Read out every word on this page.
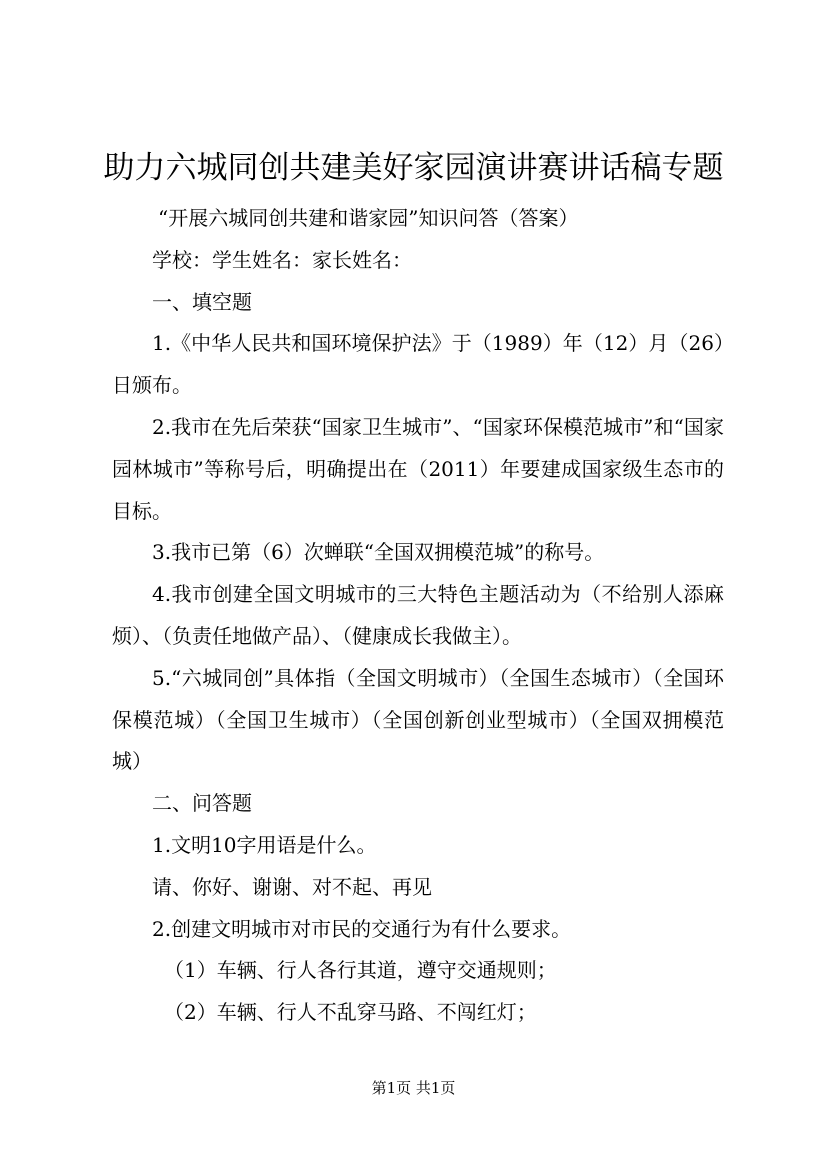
助力六城同创共建美好家园演讲赛讲话稿专题

“开展六城同创共建和谐家园”知识问答（答案）

学校：学生姓名：家长姓名：

一、填空题

1.《中华人民共和国环境保护法》于（1989）年（12）月（26）日颁布。

2.我市在先后荣获“国家卫生城市”、“国家环保模范城市”和“国家园林城市”等称号后，明确提出在（2011）年要建成国家级生态市的目标。

3.我市已第（6）次蝉联“全国双拥模范城”的称号。

4.我市创建全国文明城市的三大特色主题活动为（不给别人添麻烦）、（负责任地做产品）、（健康成长我做主）。

5.“六城同创”具体指（全国文明城市）（全国生态城市）（全国环保模范城）（全国卫生城市）（全国创新创业型城市）（全国双拥模范城）

二、问答题

1.文明10字用语是什么。

请、你好、谢谢、对不起、再见

2.创建文明城市对市民的交通行为有什么要求。

（1）车辆、行人各行其道，遵守交通规则；

（2）车辆、行人不乱穿马路、不闯红灯；

第1页 共1页
